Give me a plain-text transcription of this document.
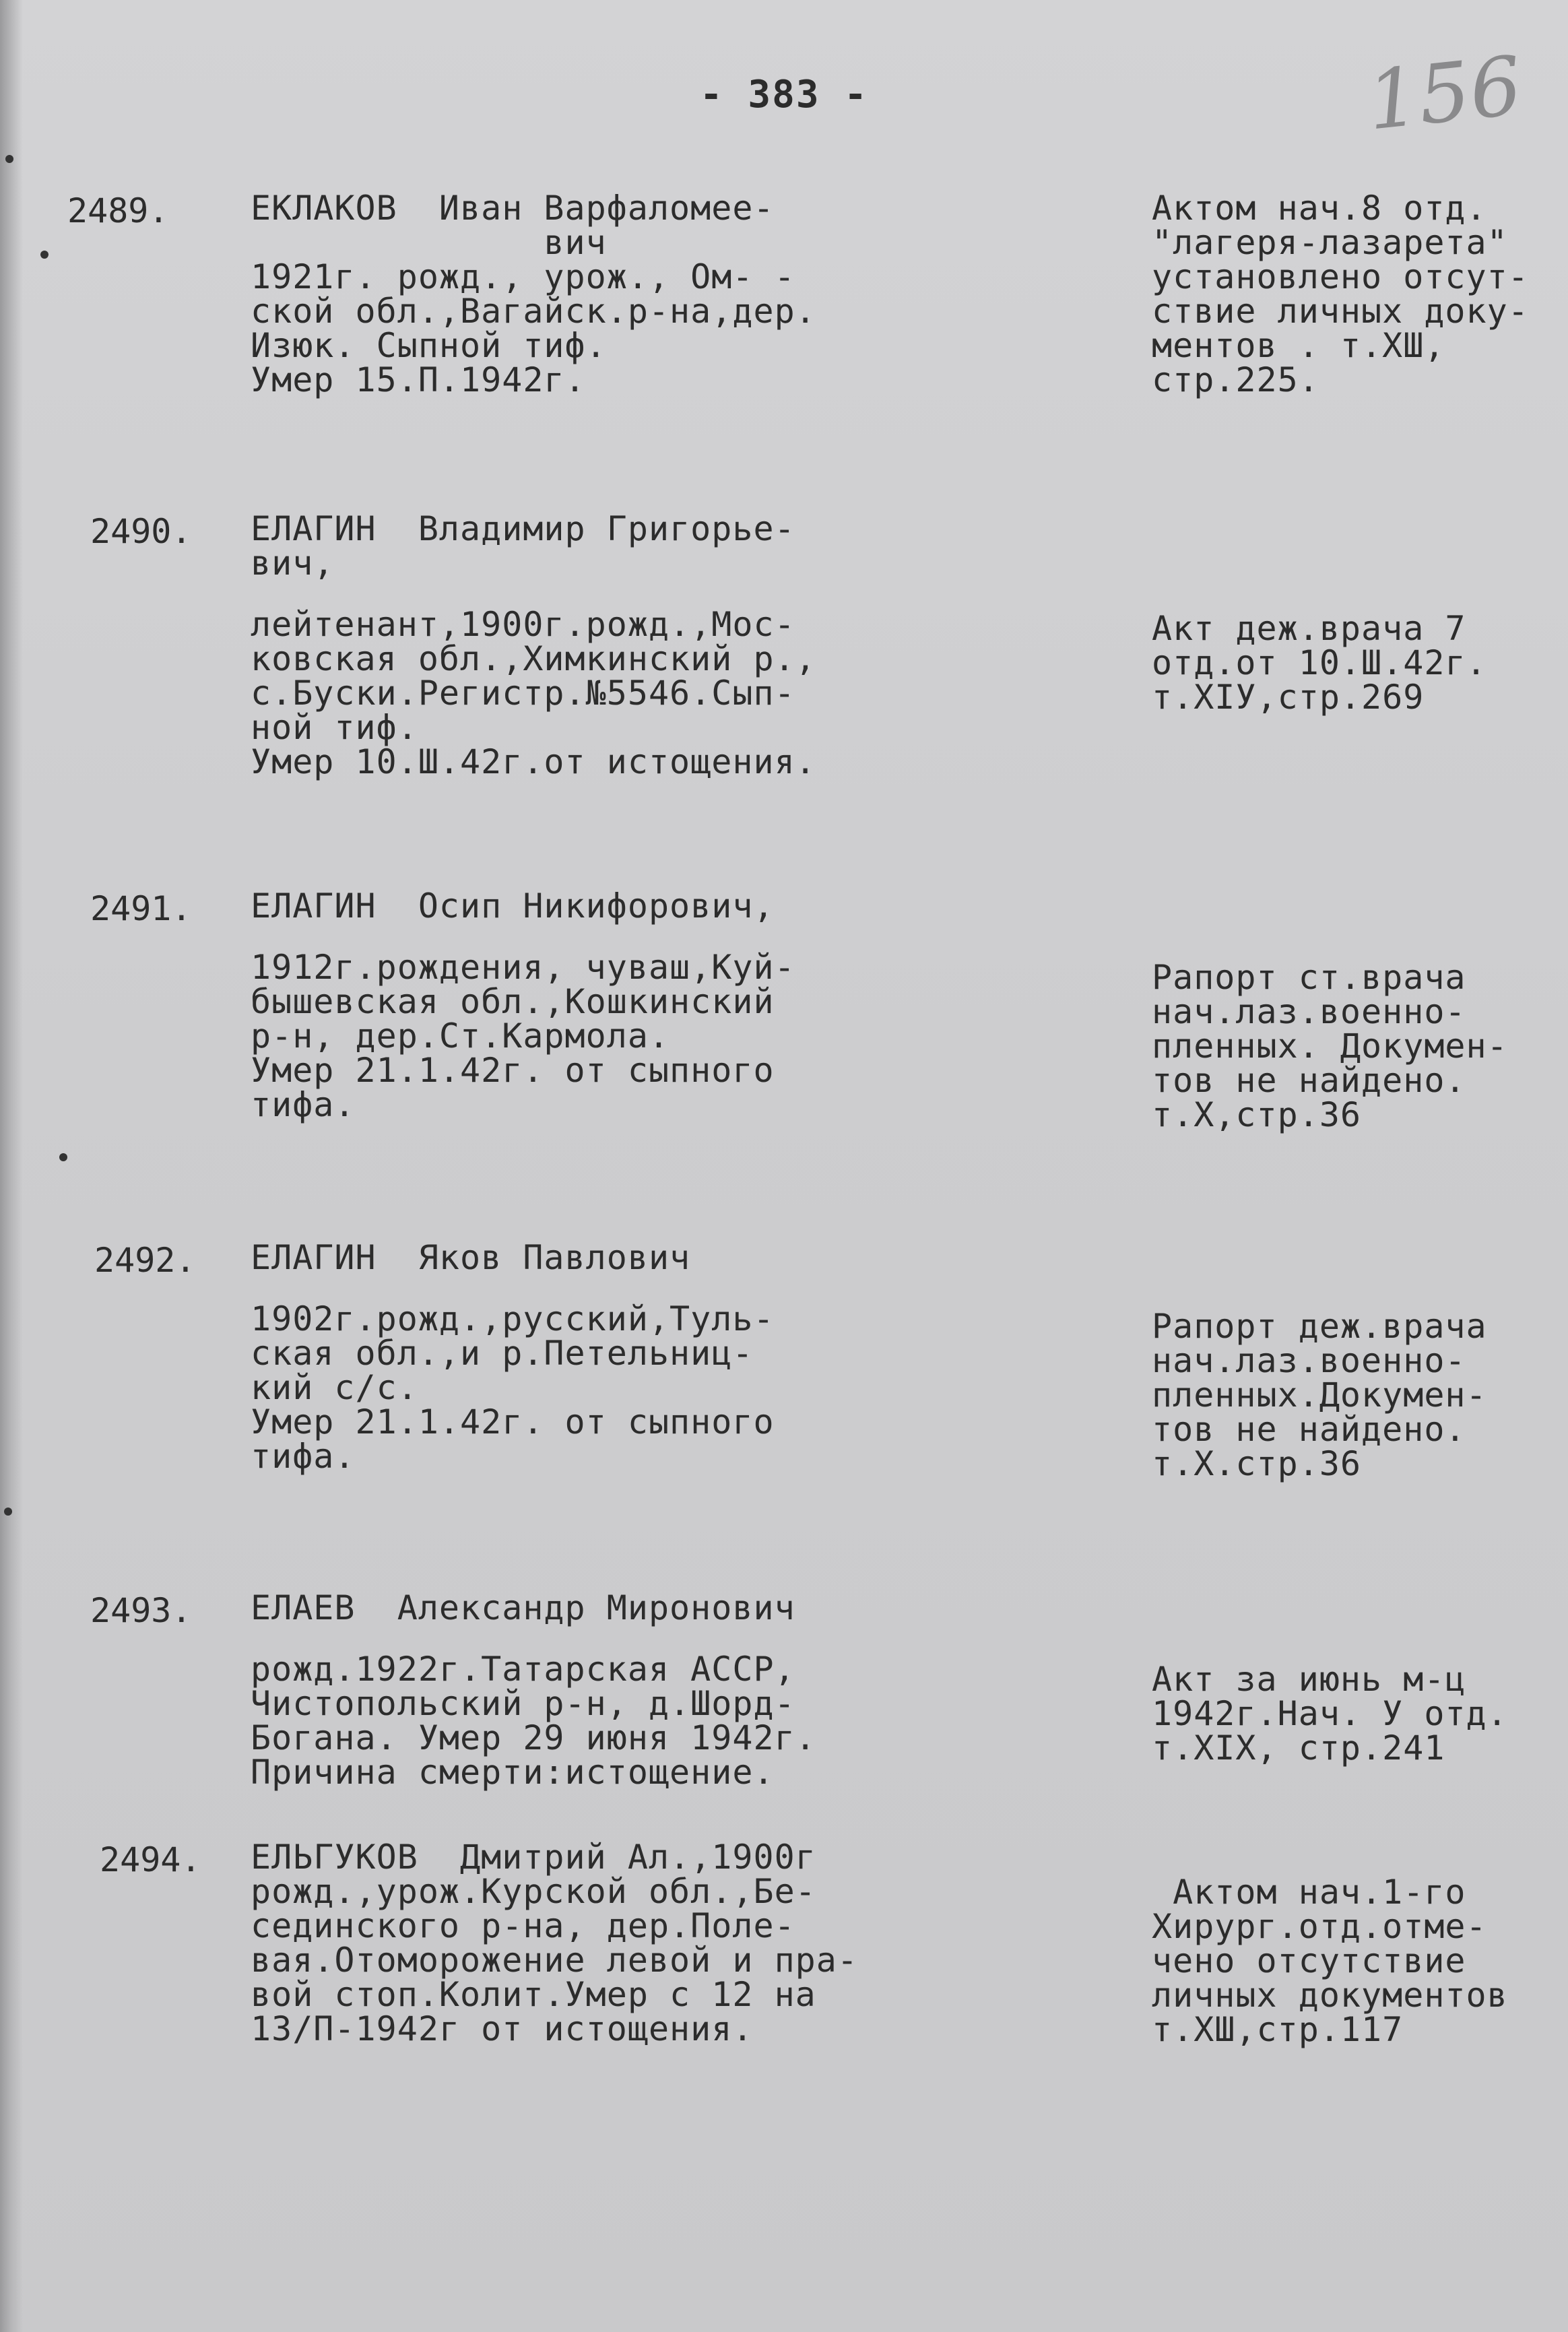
- 383 -	156
2489. ЕКЛАКОВ  Иван Варфаломее-
вич
1921г. рожд., урож., Ом- -
ской обл.,Вагайск.р-на,дер.
Изюк. Сыпной тиф.
Умер 15.П.1942г.
Актом нач.8 отд.
"лагеря-лазарета"
установлено отсут-
ствие личных доку-
ментов . т.ХШ,
стр.225.
2490. ЕЛАГИН  Владимир Григорье-
вич,
лейтенант,1900г.рожд.,Мос-
ковская обл.,Химкинский р.,
с.Буски.Регистр.№5546.Сып-
ной тиф.
Умер 10.Ш.42г.от истощения.
Акт деж.врача 7
отд.от 10.Ш.42г.
т.XIУ,стр.269
2491. ЕЛАГИН  Осип Никифорович,
1912г.рождения, чуваш,Куй-
бышевская обл.,Кошкинский
р-н, дер.Ст.Кармола.
Умер 21.1.42г. от сыпного
тифа.
Рапорт ст.врача
нач.лаз.военно-
пленных. Докумен-
тов не найдено.
т.Х,стр.36
2492. ЕЛАГИН  Яков Павлович
1902г.рожд.,русский,Туль-
ская обл.,и р.Петельниц-
кий с/с.
Умер 21.1.42г. от сыпного
тифа.
Рапорт деж.врача
нач.лаз.военно-
пленных.Докумен-
тов не найдено.
т.Х.стр.36
2493. ЕЛАЕВ  Александр Миронович
рожд.1922г.Татарская АССР,
Чистопольский р-н, д.Шорд-
Богана. Умер 29 июня 1942г.
Причина смерти:истощение.
Акт за июнь м-ц
1942г.Нач. У отд.
т.XIX, стр.241
2494. ЕЛЬГУКОВ  Дмитрий Ал.,1900г
рожд.,урож.Курской обл.,Бе-
сединского р-на, дер.Поле-
вая.Отоморожение левой и пра-
вой стоп.Колит.Умер с 12 на
13/П-1942г от истощения.
Актом нач.1-го
Хирург.отд.отме-
чено отсутствие
личных документов
т.ХШ,стр.117
